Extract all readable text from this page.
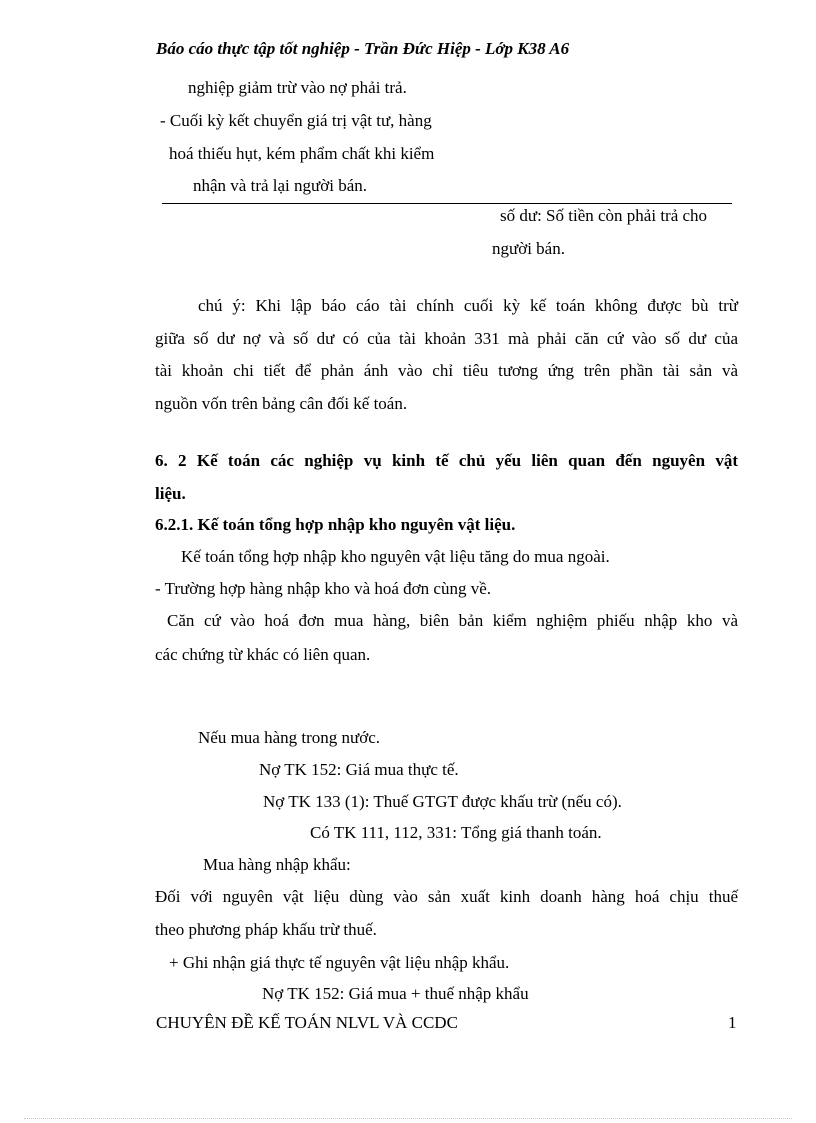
Báo cáo thực tập tốt nghiệp - Trần Đức Hiệp - Lớp K38 A6
nghiệp giảm trừ vào nợ phải trả.
- Cuối kỳ kết chuyển giá trị vật tư, hàng
hoá thiếu hụt, kém phẩm chất khi kiểm
nhận và trả lại người bán.
số dư: Số tiền còn phải trả cho
người bán.
chú ý: Khi lập báo cáo tài chính cuối kỳ kế toán không được bù trừ
giữa số dư nợ và số dư có của tài khoản 331 mà phải căn cứ vào số dư của
tài khoản chi tiết để phản ánh vào chỉ tiêu tương ứng trên phần tài sản và
nguồn vốn trên bảng cân đối kế toán.
6. 2 Kế toán các nghiệp vụ kinh tế chủ yếu liên quan đến nguyên vật
liệu.
6.2.1. Kế toán tổng hợp nhập kho nguyên vật liệu.
Kế toán tổng hợp nhập kho nguyên vật liệu tăng do mua ngoài.
- Trường hợp hàng nhập kho và hoá đơn cùng về.
Căn cứ vào hoá đơn mua hàng, biên bản kiểm nghiệm phiếu nhập kho và
các chứng từ khác có liên quan.
Nếu mua hàng trong nước.
Nợ TK 152: Giá mua thực tế.
Nợ TK 133 (1): Thuế GTGT được khấu trừ (nếu có).
Có TK 111, 112, 331: Tổng giá thanh toán.
Mua hàng nhập khẩu:
Đối với nguyên vật liệu dùng vào sản xuất kinh doanh hàng hoá chịu thuế
theo phương pháp khấu trừ thuế.
+ Ghi nhận giá thực tế nguyên vật liệu nhập khẩu.
Nợ TK 152: Giá mua + thuế nhập khẩu
CHUYÊN ĐỀ KẾ TOÁN NLVL VÀ CCDC	1
